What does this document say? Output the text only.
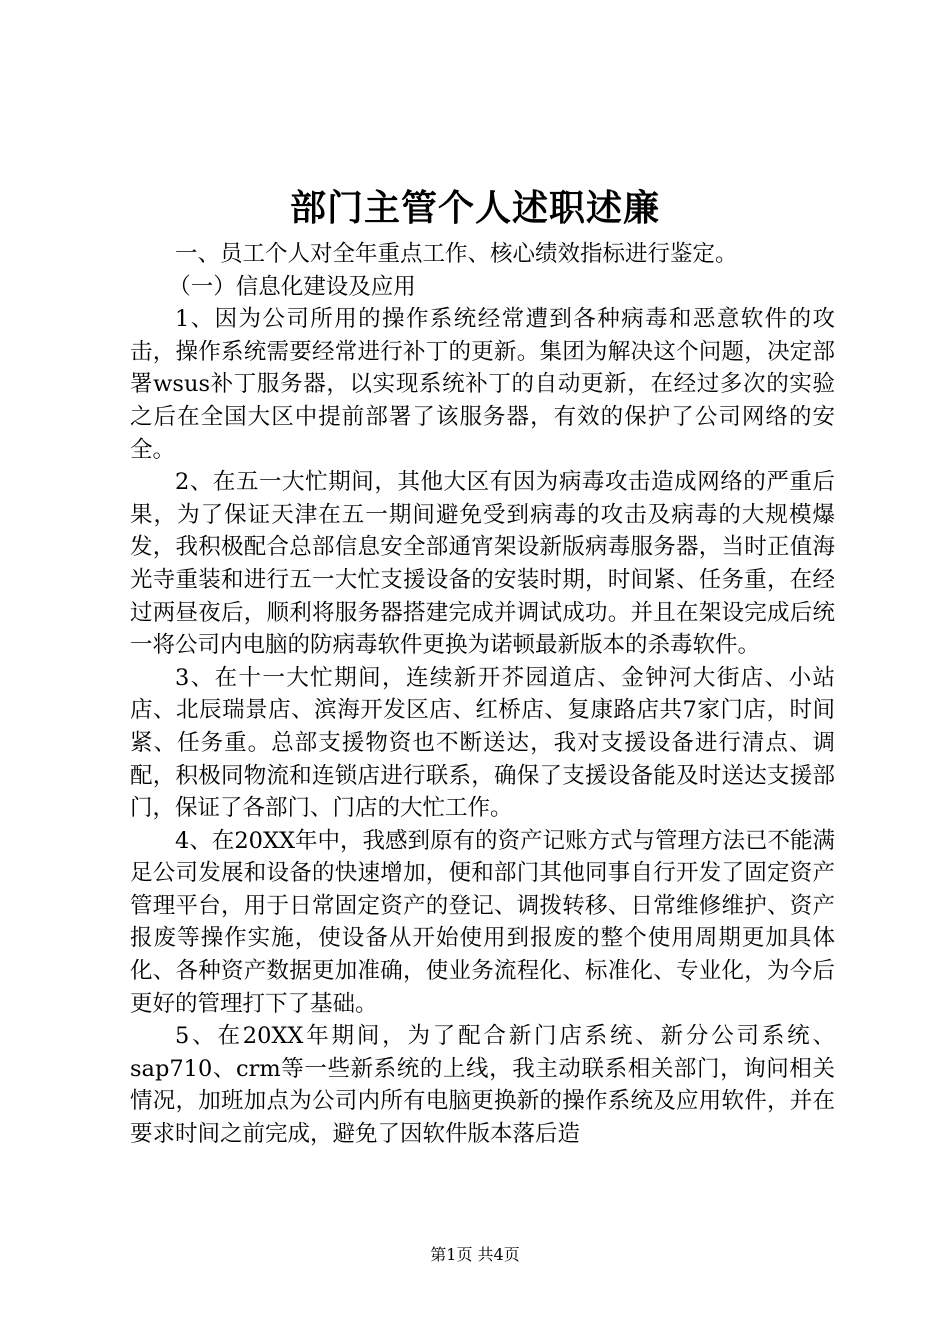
部门主管个人述职述廉

一、员工个人对全年重点工作、核心绩效指标进行鉴定。

（一）信息化建设及应用

1、因为公司所用的操作系统经常遭到各种病毒和恶意软件的攻击，操作系统需要经常进行补丁的更新。集团为解决这个问题，决定部署wsus补丁服务器，以实现系统补丁的自动更新，在经过多次的实验之后在全国大区中提前部署了该服务器，有效的保护了公司网络的安全。

2、在五一大忙期间，其他大区有因为病毒攻击造成网络的严重后果，为了保证天津在五一期间避免受到病毒的攻击及病毒的大规模爆发，我积极配合总部信息安全部通宵架设新版病毒服务器，当时正值海光寺重装和进行五一大忙支援设备的安装时期，时间紧、任务重，在经过两昼夜后，顺利将服务器搭建完成并调试成功。并且在架设完成后统一将公司内电脑的防病毒软件更换为诺顿最新版本的杀毒软件。

3、在十一大忙期间，连续新开芥园道店、金钟河大街店、小站店、北辰瑞景店、滨海开发区店、红桥店、复康路店共7家门店，时间紧、任务重。总部支援物资也不断送达，我对支援设备进行清点、调配，积极同物流和连锁店进行联系，确保了支援设备能及时送达支援部门，保证了各部门、门店的大忙工作。

4、在20XX年中，我感到原有的资产记账方式与管理方法已不能满足公司发展和设备的快速增加，便和部门其他同事自行开发了固定资产管理平台，用于日常固定资产的登记、调拨转移、日常维修维护、资产报废等操作实施，使设备从开始使用到报废的整个使用周期更加具体化、各种资产数据更加准确，使业务流程化、标准化、专业化，为今后更好的管理打下了基础。

5、在20XX年期间，为了配合新门店系统、新分公司系统、sap710、crm等一些新系统的上线，我主动联系相关部门，询问相关情况，加班加点为公司内所有电脑更换新的操作系统及应用软件，并在要求时间之前完成，避免了因软件版本落后造

第1页 共4页
